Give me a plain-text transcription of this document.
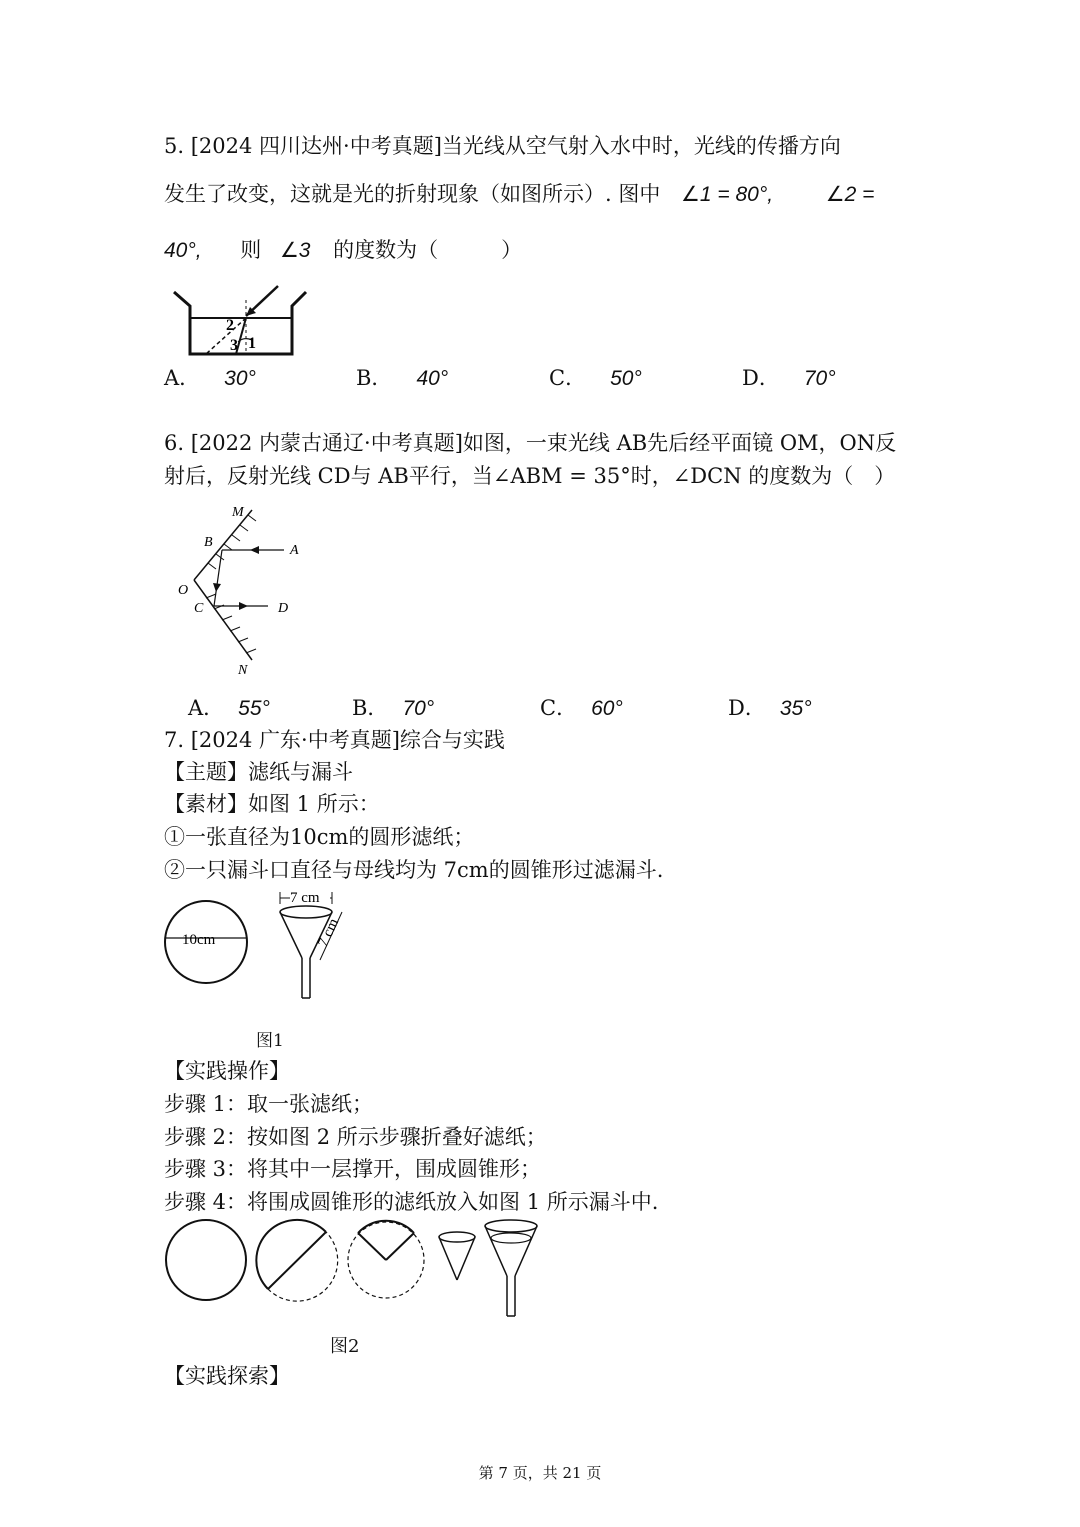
5. [2024 四川达州·中考真题]当光线从空气射入水中时，光线的传播方向
发生了改变，这就是光的折射现象（如图所示）. 图中 ∠1 = 80°,	∠2 =
40°, 则 ∠3 的度数为（　　　）
2
3 1
A． 30°	B． 40°	C． 50°	D． 70°
6. [2022 内蒙古通辽·中考真题]如图，一束光线 AB先后经平面镜 OM，ON反
射后，反射光线 CD与 AB平行，当∠ABM = 35°时，∠DCN 的度数为（　）
M
B
A
O
C	D
N
A． 55°	B． 70°	C． 60°	D． 35°
7. [2024 广东·中考真题]综合与实践
【主题】滤纸与漏斗
【素材】如图 1 所示：
①一张直径为10cm的圆形滤纸；
②一只漏斗口直径与母线均为 7cm的圆锥形过滤漏斗.
10cm
7 cm
7 cm
图1
【实践操作】
步骤 1：取一张滤纸；
步骤 2：按如图 2 所示步骤折叠好滤纸；
步骤 3：将其中一层撑开，围成圆锥形；
步骤 4：将围成圆锥形的滤纸放入如图 1 所示漏斗中.
图2
【实践探索】
第 7 页，共 21 页
